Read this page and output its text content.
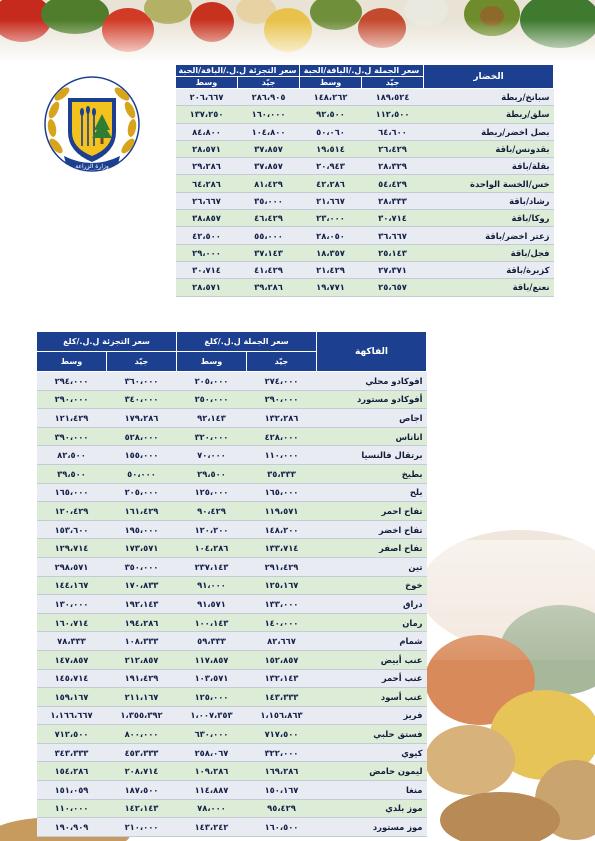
وزارة الزراعة
الخضار	سعر الجملة ل.ل./الباقة/الحبة		سعر التجزئة ل.ل./الباقة/الحبة	
	جيّد	وسط	جيّد	وسط
سبانخ/ربطة	١٨٩،٥٢٤	١٤٨،٢٦٢	٢٨٦،٩٠٥	٢٠٦،٦٦٧
سلق/ربطة	١١٢،٥٠٠	٩٢،٥٠٠	١٦٠،٠٠٠	١٣٧،٢٥٠
بصل اخضر/ربطة	٦٤،٦٠٠	٥٠،٠٦٠	١٠٤،٨٠٠	٨٤،٨٠٠
بقدونس/باقة	٢٦،٤٢٩	١٩،٥١٤	٣٧،٨٥٧	٢٨،٥٧١
بقلة/باقة	٢٨،٣٢٩	٢٠،٩٤٣	٣٧،٨٥٧	٢٩،٢٨٦
خس/الخسة الواحدة	٥٤،٤٢٩	٤٢،٢٨٦	٨١،٤٢٩	٦٤،٢٨٦
رشاد/باقة	٢٨،٣٣٣	٢١،٦٦٧	٣٥،٠٠٠	٢٦،٦٦٧
روكا/باقة	٣٠،٧١٤	٢٣،٠٠٠	٤٦،٤٢٩	٣٨،٨٥٧
زعتر اخضر/باقة	٣٦،٦٦٧	٢٨،٠٥٠	٥٥،٠٠٠	٤٢،٥٠٠
فجل/باقة	٢٥،١٤٣	١٨،٣٥٧	٣٧،١٤٣	٢٩،٠٠٠
كزبرة/باقة	٢٧،٣٧١	٢١،٤٢٩	٤١،٤٢٩	٣٠،٧١٤
نعنع/باقة	٢٥،٦٥٧	١٩،٧٧١	٣٩،٢٨٦	٢٨،٥٧١
الفاكهة	سعر الجملة ل.ل./كلغ		سعر التجزئة ل.ل./كلغ	
	جيّد	وسط	جيّد	وسط
افوكادو محلي	٢٧٤،٠٠٠	٢٠٥،٠٠٠	٣٦٠،٠٠٠	٢٩٤،٠٠٠
أفوكادو مستورد	٢٩٠،٠٠٠	٢٥٠،٠٠٠	٣٤٠،٠٠٠	٢٩٠،٠٠٠
اجاص	١٣٢،٢٨٦	٩٢،١٤٣	١٧٩،٢٨٦	١٢١،٤٢٩
اناناس	٤٢٨،٠٠٠	٣٢٠،٠٠٠	٥٢٨،٠٠٠	٣٩٠،٠٠٠
برتقال فالنسيا	١١٠،٠٠٠	٧٠،٠٠٠	١٥٥،٠٠٠	٨٢،٥٠٠
بطيخ	٣٥،٣٣٣	٢٩،٥٠٠	٥٠،٠٠٠	٣٩،٥٠٠
بلح	١٦٥،٠٠٠	١٢٥،٠٠٠	٢٠٥،٠٠٠	١٦٥،٠٠٠
تفاح احمر	١١٩،٥٧١	٩٠،٤٢٩	١٦١،٤٢٩	١٢٠،٤٢٩
تفاح اخضر	١٤٨،٢٠٠	١٢٠،٢٠٠	١٩٥،٠٠٠	١٥٣،٦٠٠
تفاح اصفر	١٣٣،٧١٤	١٠٤،٢٨٦	١٧٣،٥٧١	١٢٩،٧١٤
تين	٢٩١،٤٢٩	٢٣٧،١٤٣	٣٥٠،٠٠٠	٢٩٨،٥٧١
خوخ	١٢٥،١٦٧	٩١،٠٠٠	١٧٠،٨٣٣	١٤٤،١٦٧
دراق	١٣٣،٠٠٠	٩١،٥٧١	١٩٢،١٤٣	١٣٠،٠٠٠
رمان	١٤٠،٠٠٠	١٠٠،١٤٣	١٩٤،٢٨٦	١٦٠،٧١٤
شمام	٨٢،٦٦٧	٥٩،٣٣٣	١٠٨،٣٣٣	٧٨،٣٣٣
عنب أبيض	١٥٢،٨٥٧	١١٧،٨٥٧	٢١٢،٨٥٧	١٤٧،٨٥٧
عنب أحمر	١٣٢،١٤٣	١٠٣،٥٧١	١٩١،٤٢٩	١٤٥،٧١٤
عنب أسود	١٤٣،٣٣٣	١٢٥،٠٠٠	٢١١،١٦٧	١٥٩،١٦٧
فريز	١،١٥٦،٨٦٣	١،٠٠٧،٣٥٣	١،٣٥٥،٣٩٢	١،١٦٦،٦٦٧
فستق حلبي	٧١٧،٥٠٠	٦٣٠،٠٠٠	٨٠٠،٠٠٠	٧١٢،٥٠٠
كيوي	٣٢٢،٠٠٠	٢٥٨،٠٦٧	٤٥٣،٣٣٣	٣٤٣،٣٣٣
ليمون حامض	١٦٩،٢٨٦	١٠٩،٢٨٦	٢٠٨،٧١٤	١٥٤،٢٨٦
منغا	١٥٠،١٦٧	١١٤،٨٨٧	١٨٧،٥٠٠	١٥١،٠٥٩
موز بلدي	٩٥،٤٢٩	٧٨،٠٠٠	١٤٢،١٤٣	١١٠،٠٠٠
موز مستورد	١٦٠،٥٠٠	١٤٣،٢٤٢	٢١٠،٠٠٠	١٩٠،٩٠٩
